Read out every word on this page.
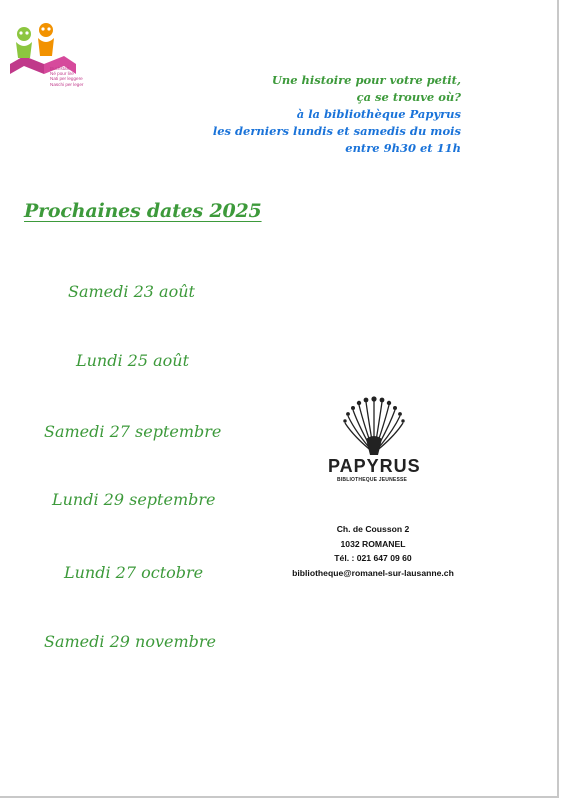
Buchstart
Né pour lire
Nati per leggere
Naschi per leger	Une histoire pour votre petit,
ça se trouve où?
à la bibliothèque Papyrus
les derniers lundis et samedis du mois
entre 9h30 et 11h
Prochaines dates 2025
Samedi 23 août
Lundi 25 août
Samedi 27 septembre
Lundi 29 septembre
Lundi 27 octobre
Samedi 29 novembre
PAPYRUS
BIBLIOTHEQUE JEUNESSE
Ch. de Cousson 2
1032 ROMANEL
Tél. : 021 647 09 60
bibliotheque@romanel-sur-lausanne.ch
